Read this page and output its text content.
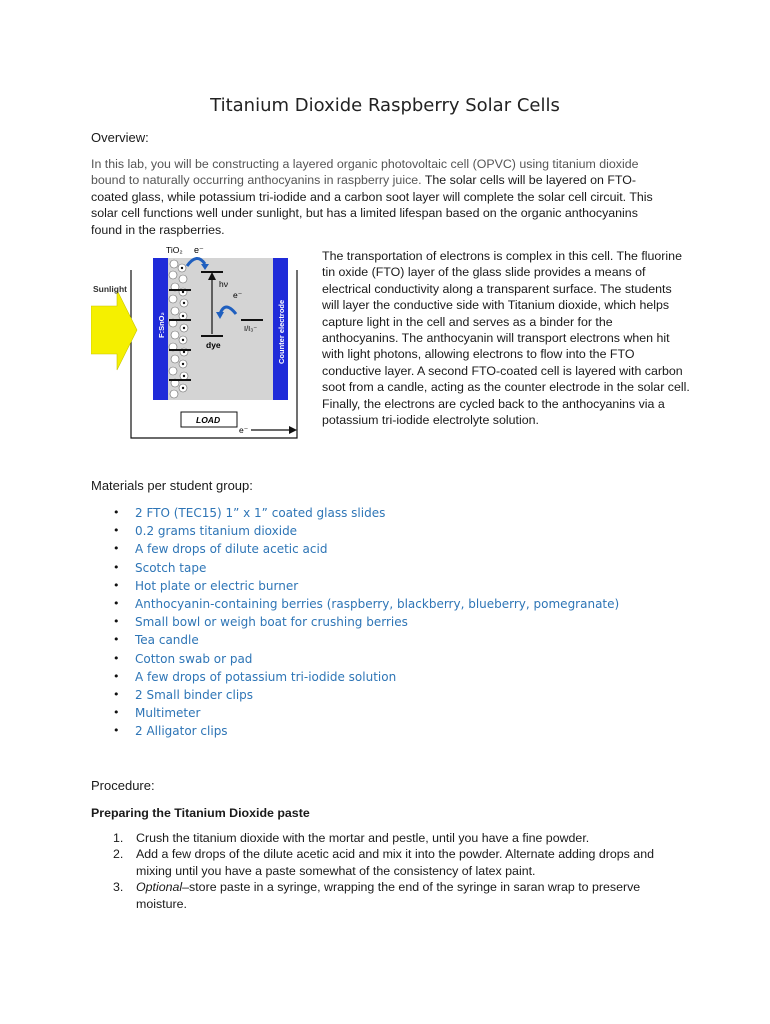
Titanium Dioxide Raspberry Solar Cells
Overview:
In this lab, you will be constructing a layered organic photovoltaic cell (OPVC) using titanium dioxide bound to naturally occurring anthocyanins in raspberry juice. The solar cells will be layered on FTO-coated glass, while potassium tri-iodide and a carbon soot layer will complete the solar cell circuit. This solar cell functions well under sunlight, but has a limited lifespan based on the organic anthocyanins found in the raspberries.
TiO₂ e⁻
Sunlight
F:SnO₂
hν
e⁻
I/I₃⁻
dye	Counter electrode
LOAD
e⁻
The transportation of electrons is complex in this cell. The fluorine tin oxide (FTO) layer of the glass slide provides a means of electrical conductivity along a transparent surface. The students will layer the conductive side with Titanium dioxide, which helps capture light in the cell and serves as a binder for the anthocyanins. The anthocyanin will transport electrons when hit with light photons, allowing electrons to flow into the FTO conductive layer. A second FTO-coated cell is layered with carbon soot from a candle, acting as the counter electrode in the solar cell. Finally, the electrons are cycled back to the anthocyanins via a potassium tri-iodide electrolyte solution.
Materials per student group:
• 2 FTO (TEC15) 1” x 1” coated glass slides
• 0.2 grams titanium dioxide
• A few drops of dilute acetic acid
• Scotch tape
• Hot plate or electric burner
• Anthocyanin-containing berries (raspberry, blackberry, blueberry, pomegranate)
• Small bowl or weigh boat for crushing berries
• Tea candle
• Cotton swab or pad
• A few drops of potassium tri-iodide solution
• 2 Small binder clips
• Multimeter
• 2 Alligator clips
Procedure:
Preparing the Titanium Dioxide paste
1. Crush the titanium dioxide with the mortar and pestle, until you have a fine powder.
2. Add a few drops of the dilute acetic acid and mix it into the powder. Alternate adding drops and mixing until you have a paste somewhat of the consistency of latex paint.
3. Optional–store paste in a syringe, wrapping the end of the syringe in saran wrap to preserve moisture.
